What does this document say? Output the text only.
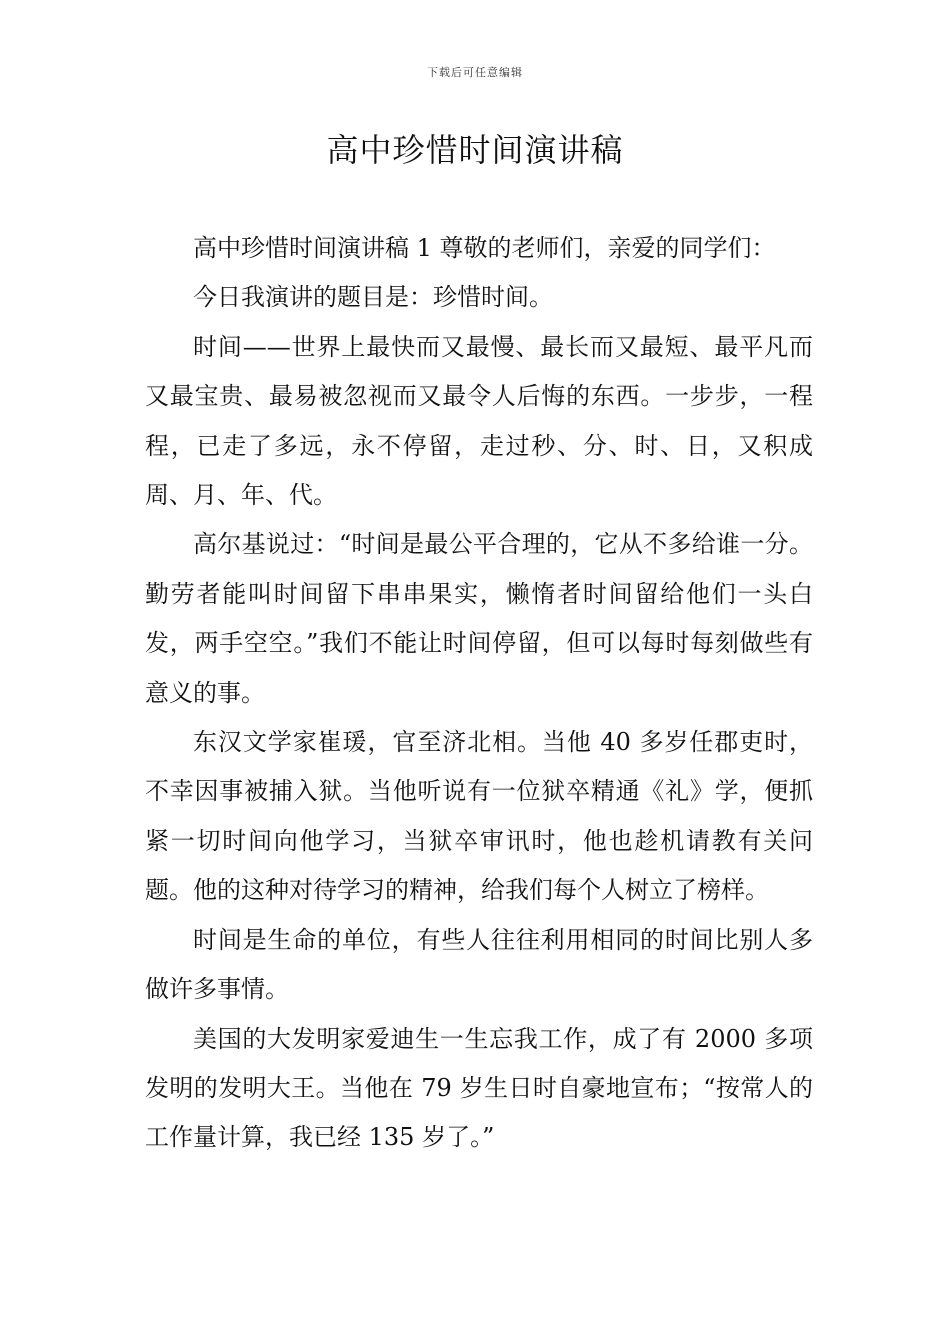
下载后可任意编辑
高中珍惜时间演讲稿

高中珍惜时间演讲稿 1 尊敬的老师们，亲爱的同学们：

今日我演讲的题目是：珍惜时间。

时间——世界上最快而又最慢、最长而又最短、最平凡而又最宝贵、最易被忽视而又最令人后悔的东西。一步步，一程程，已走了多远，永不停留，走过秒、分、时、日，又积成周、月、年、代。

高尔基说过：“时间是最公平合理的，它从不多给谁一分。勤劳者能叫时间留下串串果实，懒惰者时间留给他们一头白发，两手空空。”我们不能让时间停留，但可以每时每刻做些有意义的事。

东汉文学家崔瑗，官至济北相。当他 40 多岁任郡吏时，不幸因事被捕入狱。当他听说有一位狱卒精通《礼》学，便抓紧一切时间向他学习，当狱卒审讯时，他也趁机请教有关问题。他的这种对待学习的精神，给我们每个人树立了榜样。

时间是生命的单位，有些人往往利用相同的时间比别人多做许多事情。

美国的大发明家爱迪生一生忘我工作，成了有 2000 多项发明的发明大王。当他在 79 岁生日时自豪地宣布；“按常人的工作量计算，我已经 135 岁了。”
